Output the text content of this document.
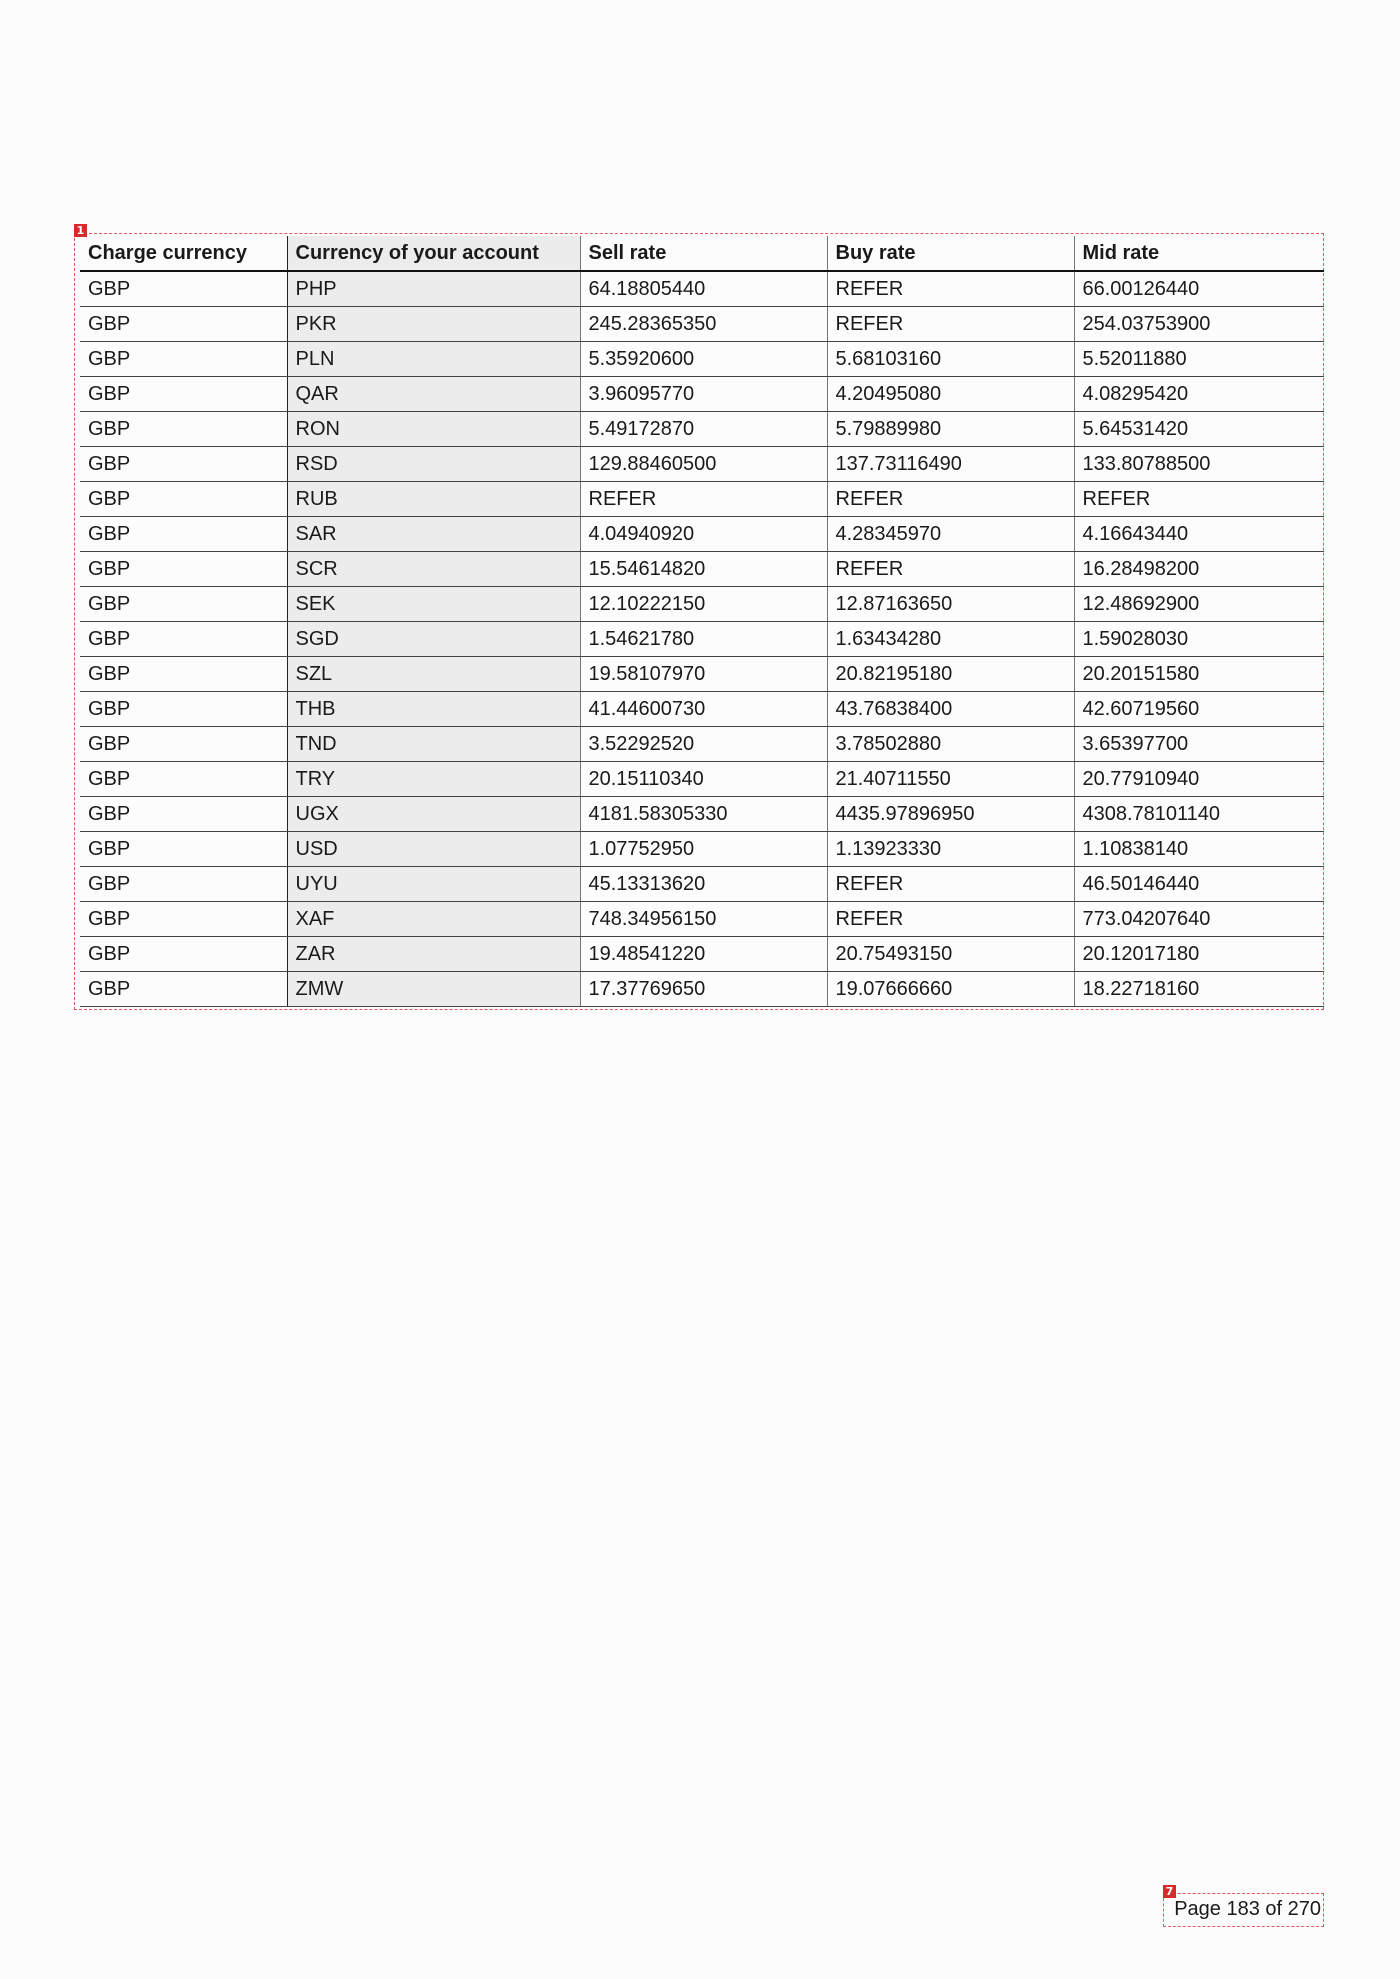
1
Charge currency	Currency of your account	Sell rate	Buy rate	Mid rate
GBP	PHP	64.18805440	REFER	66.00126440
GBP	PKR	245.28365350	REFER	254.03753900
GBP	PLN	5.35920600	5.68103160	5.52011880
GBP	QAR	3.96095770	4.20495080	4.08295420
GBP	RON	5.49172870	5.79889980	5.64531420
GBP	RSD	129.88460500	137.73116490	133.80788500
GBP	RUB	REFER	REFER	REFER
GBP	SAR	4.04940920	4.28345970	4.16643440
GBP	SCR	15.54614820	REFER	16.28498200
GBP	SEK	12.10222150	12.87163650	12.48692900
GBP	SGD	1.54621780	1.63434280	1.59028030
GBP	SZL	19.58107970	20.82195180	20.20151580
GBP	THB	41.44600730	43.76838400	42.60719560
GBP	TND	3.52292520	3.78502880	3.65397700
GBP	TRY	20.15110340	21.40711550	20.77910940
GBP	UGX	4181.58305330	4435.97896950	4308.78101140
GBP	USD	1.07752950	1.13923330	1.10838140
GBP	UYU	45.13313620	REFER	46.50146440
GBP	XAF	748.34956150	REFER	773.04207640
GBP	ZAR	19.48541220	20.75493150	20.12017180
GBP	ZMW	17.37769650	19.07666660	18.22718160
7
Page 183 of 270
